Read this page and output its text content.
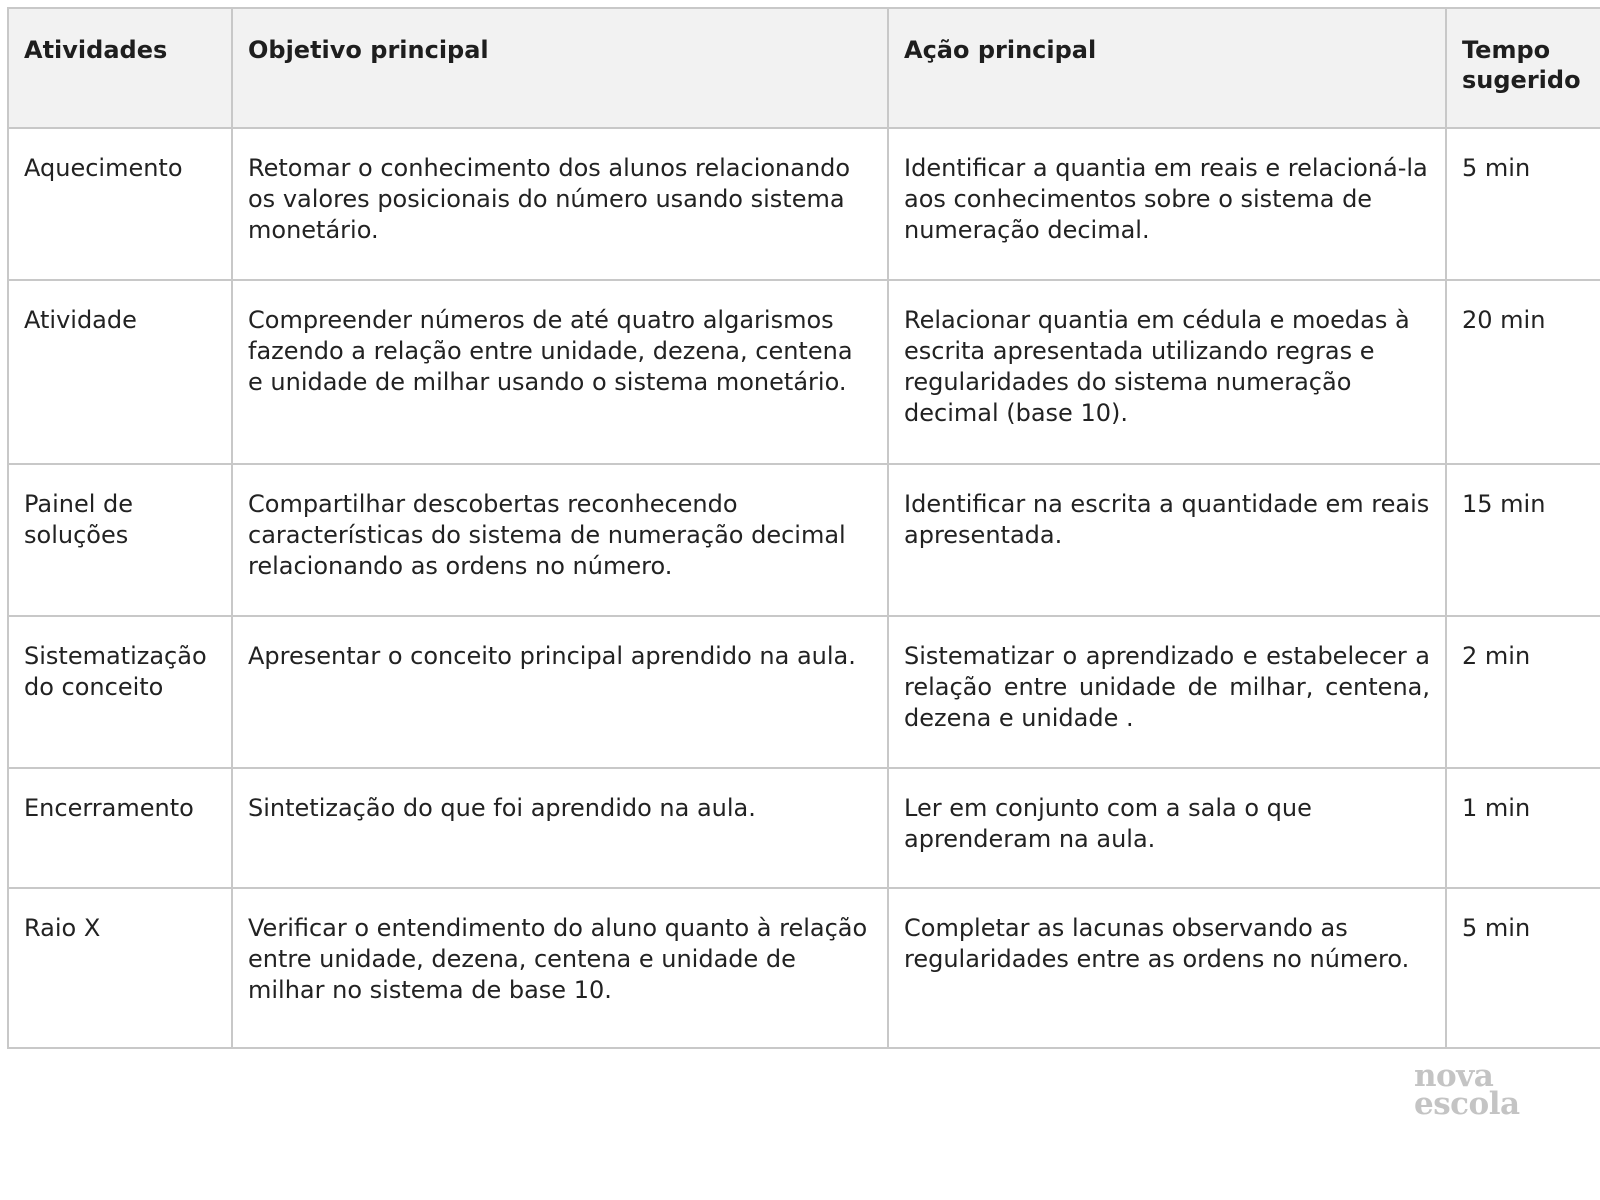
Atividades	Objetivo principal	Ação principal	Tempo sugerido
Aquecimento	Retomar o conhecimento dos alunos relacionando os valores posicionais do número usando sistema monetário.	Identificar a quantia em reais e relacioná-la aos conhecimentos sobre o sistema de numeração decimal.	5 min
Atividade	Compreender números de até quatro algarismos fazendo a relação entre unidade, dezena, centena e unidade de milhar usando o sistema monetário.	Relacionar quantia em cédula e moedas à escrita apresentada utilizando regras e regularidades do sistema numeração decimal (base 10).	20 min
Painel de soluções	Compartilhar descobertas reconhecendo características do sistema de numeração decimal relacionando as ordens no número.	Identificar na escrita a quantidade em reais apresentada.	15 min
Sistematização do conceito	Apresentar o conceito principal aprendido na aula.	Sistematizar o aprendizado e estabelecer a relação entre unidade de milhar, centena, dezena e unidade .	2 min
Encerramento	Sintetização do que foi aprendido na aula.	Ler em conjunto com a sala o que aprenderam na aula.	1 min
Raio X	Verificar o entendimento do aluno quanto à relação entre unidade, dezena, centena e unidade de milhar no sistema de base 10.	Completar as lacunas observando as regularidades entre as ordens no número.	5 min
nova
escola
